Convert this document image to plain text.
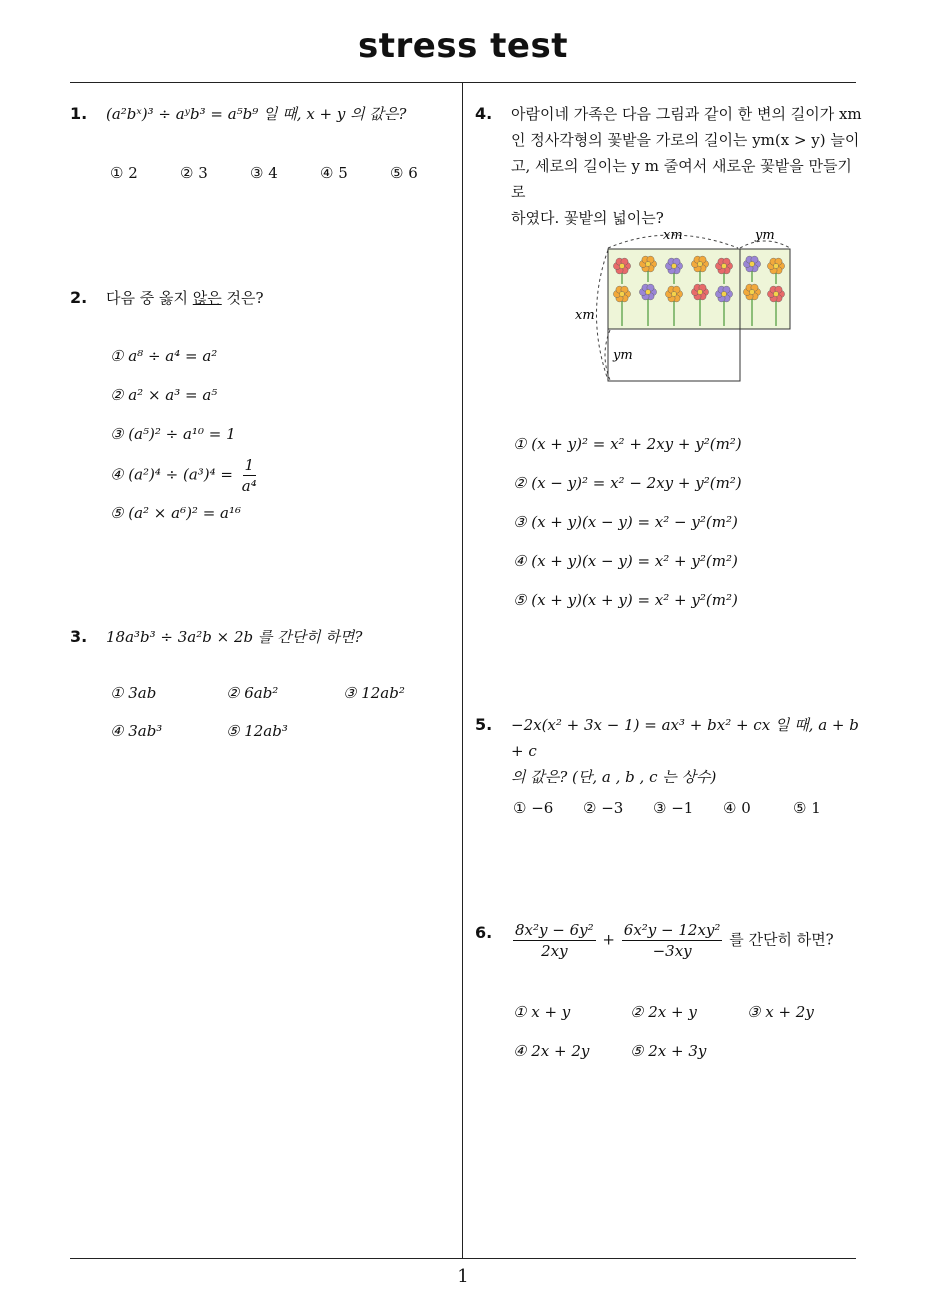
stress test
1
1. (a²bˣ)³ ÷ aʸb³ = a⁵b⁹ 일 때, x + y 의 값은?
① 2	② 3	③ 4	④ 5	⑤ 6
2. 다음 중 옳지 않은 것은?
① a⁸ ÷ a⁴ = a²
② a² × a³ = a⁵
③ (a⁵)² ÷ a¹⁰ = 1
④ $(a^2)^4 \div (a^3)^4 = \frac{1}{\text{a⁴}}$
⑤ (a² × a⁶)² = a¹⁶
3. 18a³b³ ÷ 3a²b × 2b 를 간단히 하면?
① 3ab	② 6ab²	③ 12ab²
④ 3ab³	⑤ 12ab³
4. 아람이네 가족은 다음 그림과 같이 한 변의 길이가 xm
인 정사각형의 꽃밭을 가로의 길이는 ym(x > y) 늘이
고, 세로의 길이는 y m 줄여서 새로운 꽃밭을 만들기로
하였다. 꽃밭의 넓이는?
xm	ym
xm
ym
① (x + y)² = x² + 2xy + y²(m²)
② (x − y)² = x² − 2xy + y²(m²)
③ (x + y)(x − y) = x² − y²(m²)
④ (x + y)(x − y) = x² + y²(m²)
⑤ (x + y)(x + y) = x² + y²(m²)
5. −2x(x² + 3x − 1) = ax³ + bx² + cx 일 때, a + b + c
의 값은? (단, a , b , c 는 상수)
① −6 ② −3 ③ −1 ④ 0	⑤ 1
6. $\frac{\text{8x²y − 6y²}}{2xy} + \frac{\text{6x²y − 12xy²}}{-3xy}$ 를 간단히 하면?
① x + y	② 2x + y	③ x + 2y
④ 2x + 2y	⑤ 2x + 3y
